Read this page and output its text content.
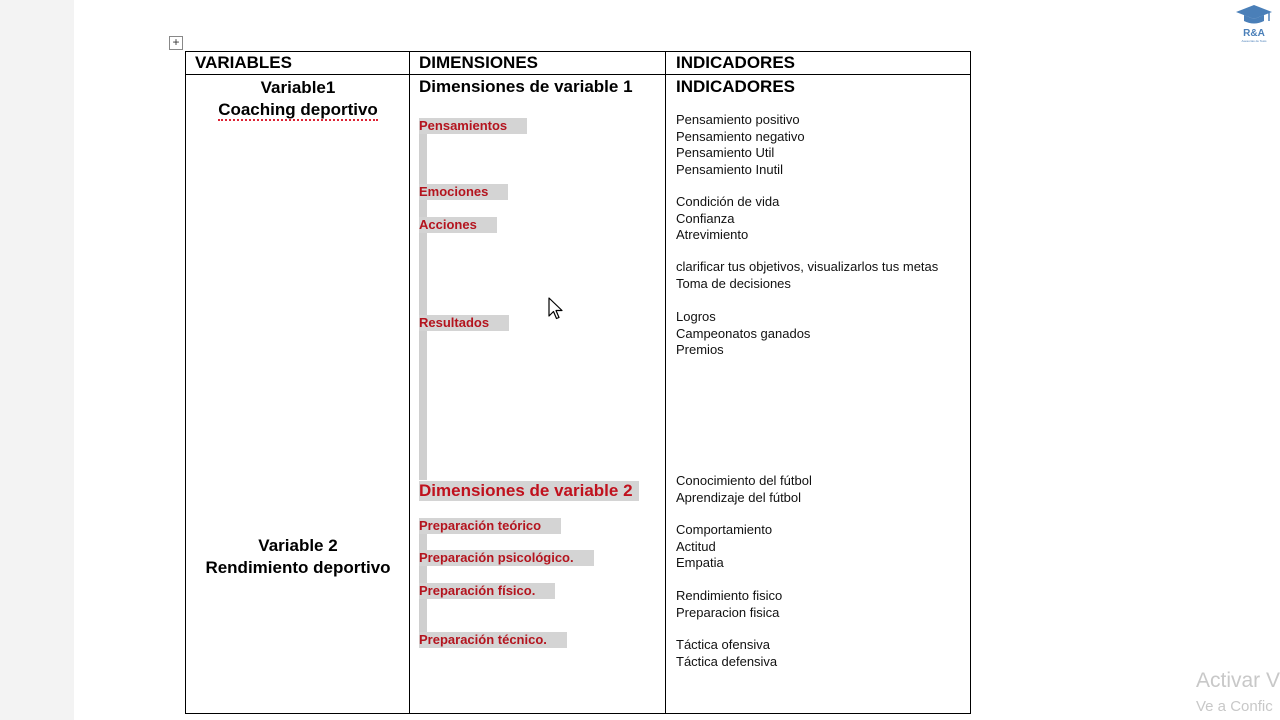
+
VARIABLES	DIMENSIONES	INDICADORES
Variable1
Coaching deportivo
Variable 2
Rendimiento deportivo
Dimensiones de variable 1
Pensamientos
Emociones
Acciones
Resultados
Dimensiones de variable 2
Preparación teórico
Preparación psicológico.
Preparación físico.
Preparación técnico.
INDICADORES
Pensamiento positivo
Pensamiento negativo
Pensamiento Util
Pensamiento Inutil
Condición de vida
Confianza
Atrevimiento
clarificar tus objetivos, visualizarlos tus metas
Toma de decisiones
Logros
Campeonatos ganados
Premios
Conocimiento del fútbol
Aprendizaje del fútbol
Comportamiento
Actitud
Empatia
Rendimiento fisico
Preparacion fisica
Táctica ofensiva
Táctica defensiva
R&A
Asesorías de Tesis
Activar V
Ve a Confic
